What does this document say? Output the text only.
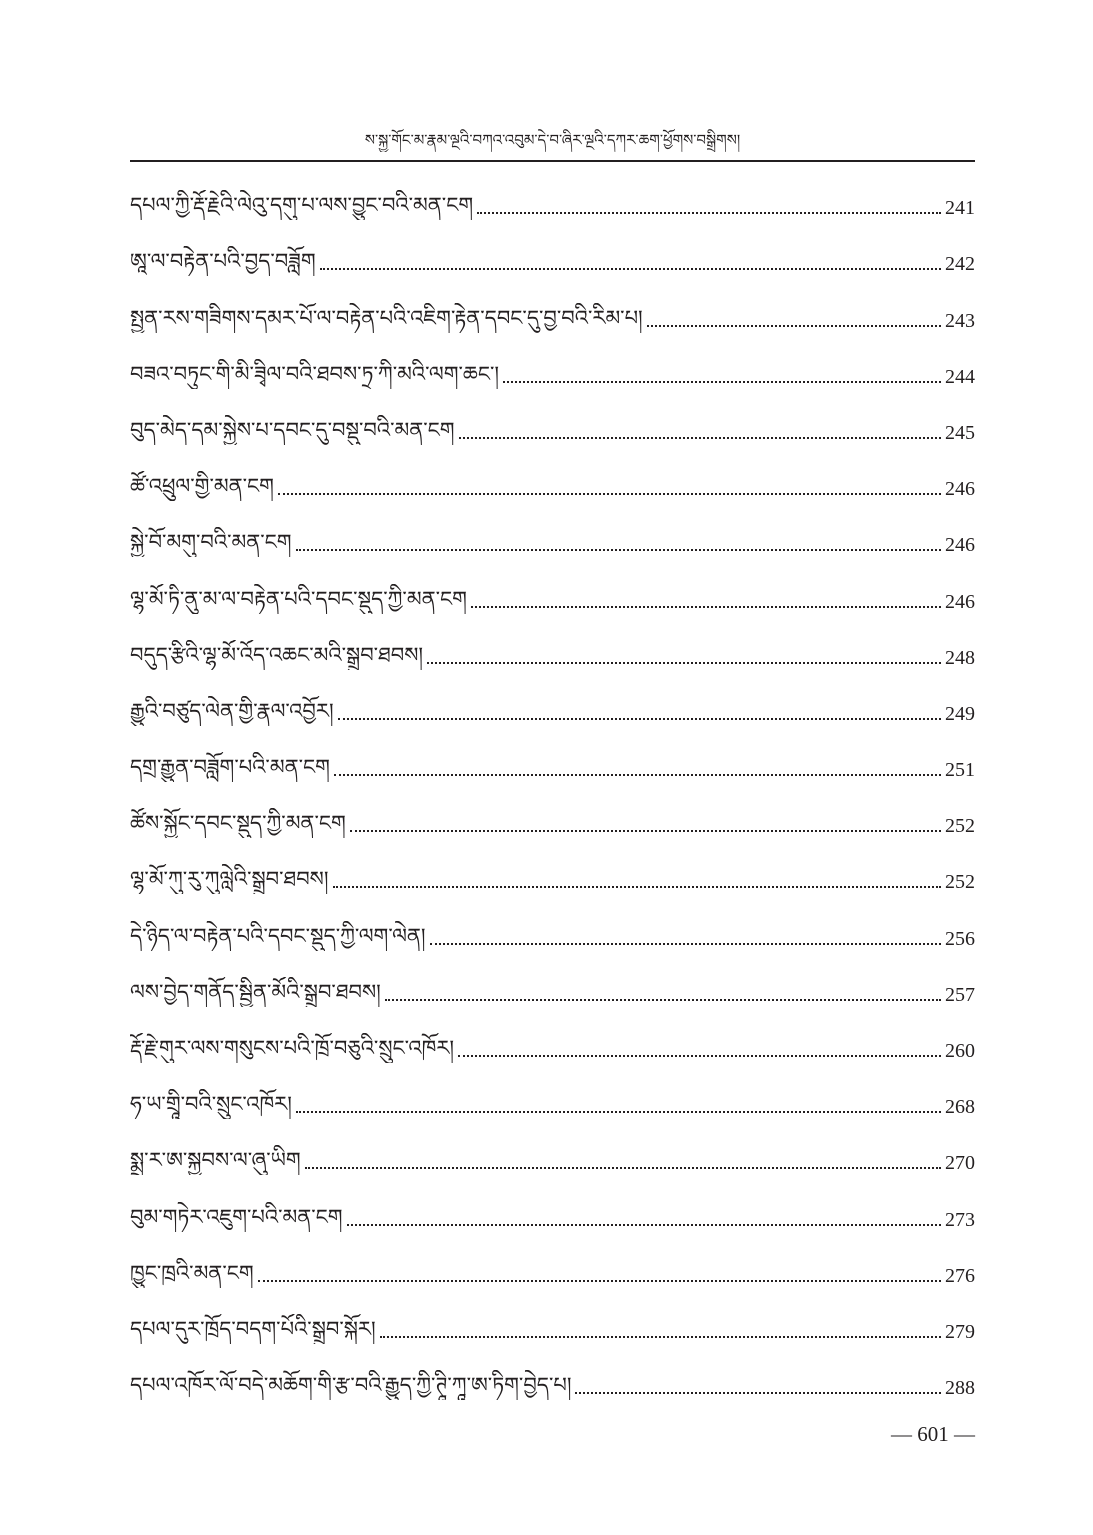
ས་སྐྱ་གོང་མ་རྣམ་ལྔའི་བཀའ་འབུམ་དེ་བ་ཞིར་ལྔའི་དཀར་ཆག་ཕྱོགས་བསྒྲིགས།
དཔལ་ཀྱི་རྡོ་རྗེའི་ལེའུ་དགུ་པ་ལས་བྱུང་བའི་མན་ངག	241
ཨཱ་ལ་བརྟེན་པའི་བྱད་བཟློག	242
སྤྱན་རས་གཟིགས་དམར་པོ་ལ་བརྟེན་པའི་འཇིག་རྟེན་དབང་དུ་བྱ་བའི་རིམ་པ།	243
བཟའ་བཏུང་གི་མི་ཟྭིལ་བའི་ཐབས་ཏྲ་ཀི་མའི་ལག་ཆང་།	244
བུད་མེད་དམ་སྐྱེས་པ་དབང་དུ་བསྡུ་བའི་མན་ངག	245
ཚོ་འཕྲུལ་གྱི་མན་ངག	246
སྐྱེ་བོ་མགུ་བའི་མན་ངག	246
ལྷ་མོ་ཏི་ནུ་མ་ལ་བརྟེན་པའི་དབང་སྡུད་ཀྱི་མན་ངག	246
བདུད་རྩིའི་ལྷ་མོ་འོད་འཆང་མའི་སྒྲུབ་ཐབས།	248
རྒྱུའི་བཙུད་ལེན་གྱི་རྣལ་འབྱོར།	249
དགྲ་རྒྱུན་བཟློག་པའི་མན་ངག	251
ཚོས་སྐྱོང་དབང་སྡུད་ཀྱི་མན་ངག	252
ལྷ་མོ་ཀུ་རུ་ཀུལླེའི་སྒྲུབ་ཐབས།	252
དེ་ཉིད་ལ་བརྟེན་པའི་དབང་སྡུད་ཀྱི་ལག་ལེན།	256
ལས་བྱེད་གནོད་སྦྱིན་མོའི་སྒྲུབ་ཐབས།	257
རྡོ་རྗེ་གུར་ལས་གསུངས་པའི་ཁྲོ་བཅུའི་སྲུང་འཁོར།	260
ཧ་ཡ་གྲཱི་བའི་སྲུང་འཁོར།	268
སྨྲ་ར་ཨ་སྐྱབས་ལ་ཞུ་ཡིག	270
བུམ་གཏེར་འཇུག་པའི་མན་ངག	273
ཁྱུང་ཁྲའི་མན་ངག	276
དཔལ་དུར་ཁྲོད་བདག་པོའི་སྒྲུབ་སྐོར།	279
དཔལ་འཁོར་ལོ་བདེ་མཆོག་གི་རྩ་བའི་རྒྱུད་ཀྱི་ཊཱི་ཀཱ་ཨ་ཏིག་བྱེད་པ།	288
— 601 —
